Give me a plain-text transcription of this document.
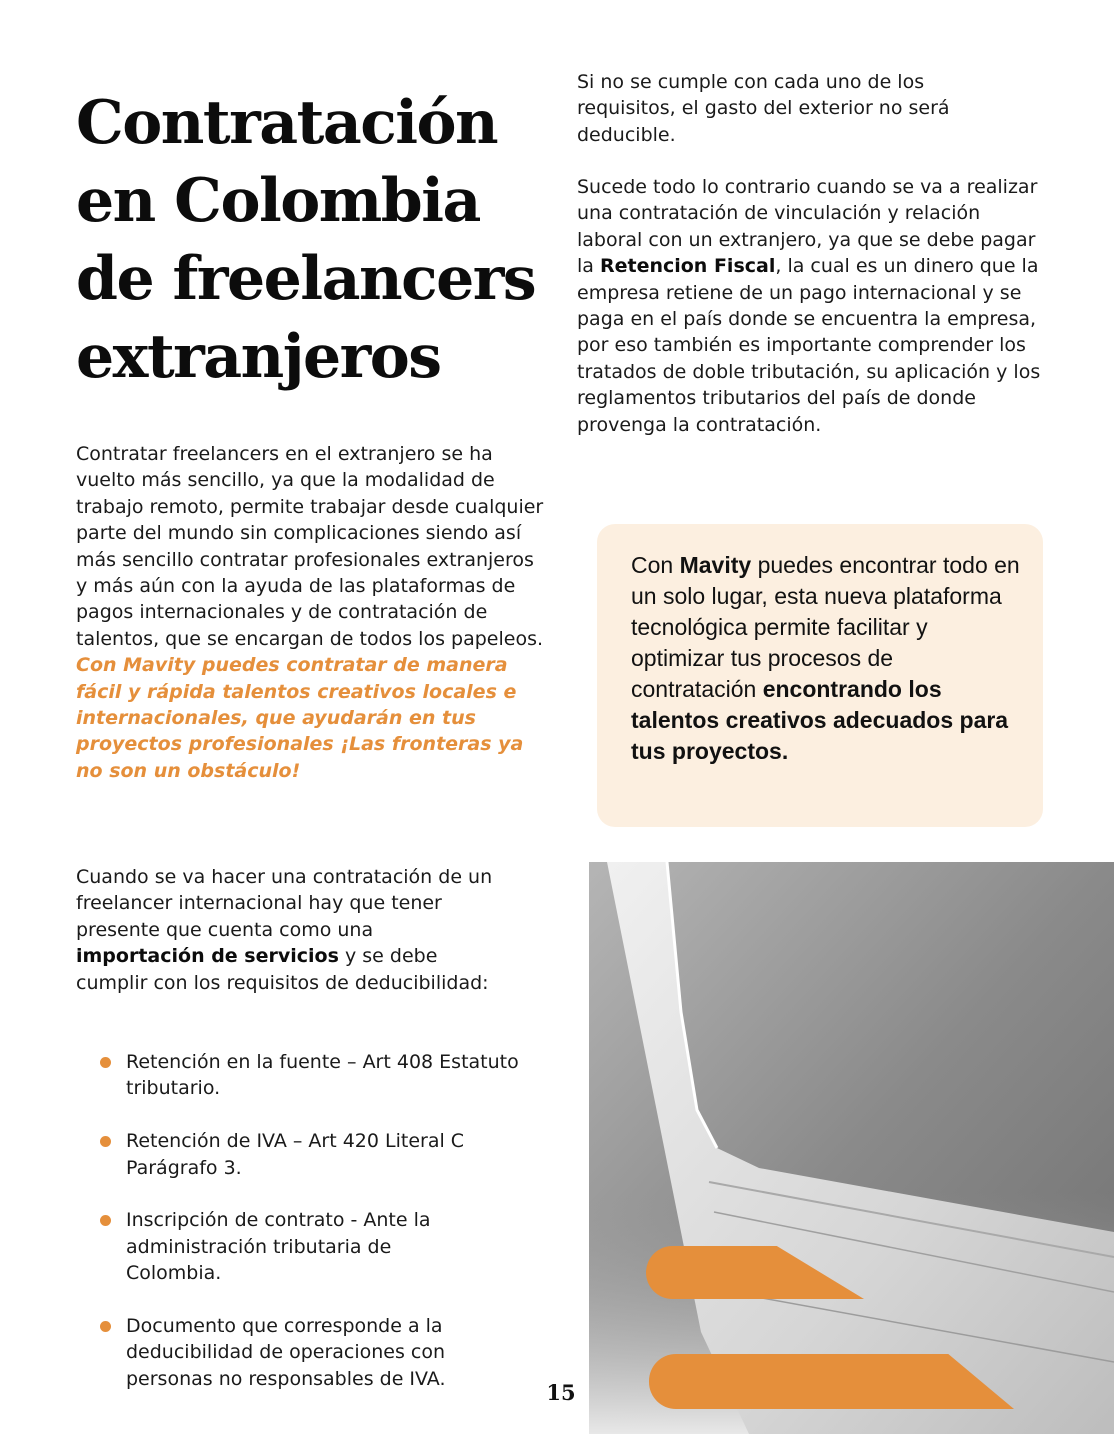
Contratación
en Colombia
de freelancers
extranjeros

Contratar freelancers en el extranjero se ha vuelto más sencillo, ya que la modalidad de trabajo remoto, permite trabajar desde cualquier parte del mundo sin complicaciones siendo así más sencillo contratar profesionales extranjeros y más aún con la ayuda de las plataformas de pagos internacionales y de contratación de talentos, que se encargan de todos los papeleos. Con Mavity puedes contratar de manera fácil y rápida talentos creativos locales e internacionales, que ayudarán en tus proyectos profesionales ¡Las fronteras ya no son un obstáculo!

Cuando se va hacer una contratación de un freelancer internacional hay que tener presente que cuenta como una importación de servicios y se debe cumplir con los requisitos de deducibilidad:

Retención en la fuente – Art 408 Estatuto tributario.
Retención de IVA – Art 420 Literal C Parágrafo 3.
Inscripción de contrato - Ante la administración tributaria de Colombia.
Documento que corresponde a la deducibilidad de operaciones con personas no responsables de IVA.

Si no se cumple con cada uno de los requisitos, el gasto del exterior no será deducible.

Sucede todo lo contrario cuando se va a realizar una contratación de vinculación y relación laboral con un extranjero, ya que se debe pagar la Retencion Fiscal, la cual es un dinero que la empresa retiene de un pago internacional y se paga en el país donde se encuentra la empresa, por eso también es importante comprender los tratados de doble tributación, su aplicación y los reglamentos tributarios del país de donde provenga la contratación.

Con Mavity puedes encontrar todo en un solo lugar, esta nueva plataforma tecnológica permite facilitar y optimizar tus procesos de contratación encontrando los talentos creativos adecuados para tus proyectos.

15
